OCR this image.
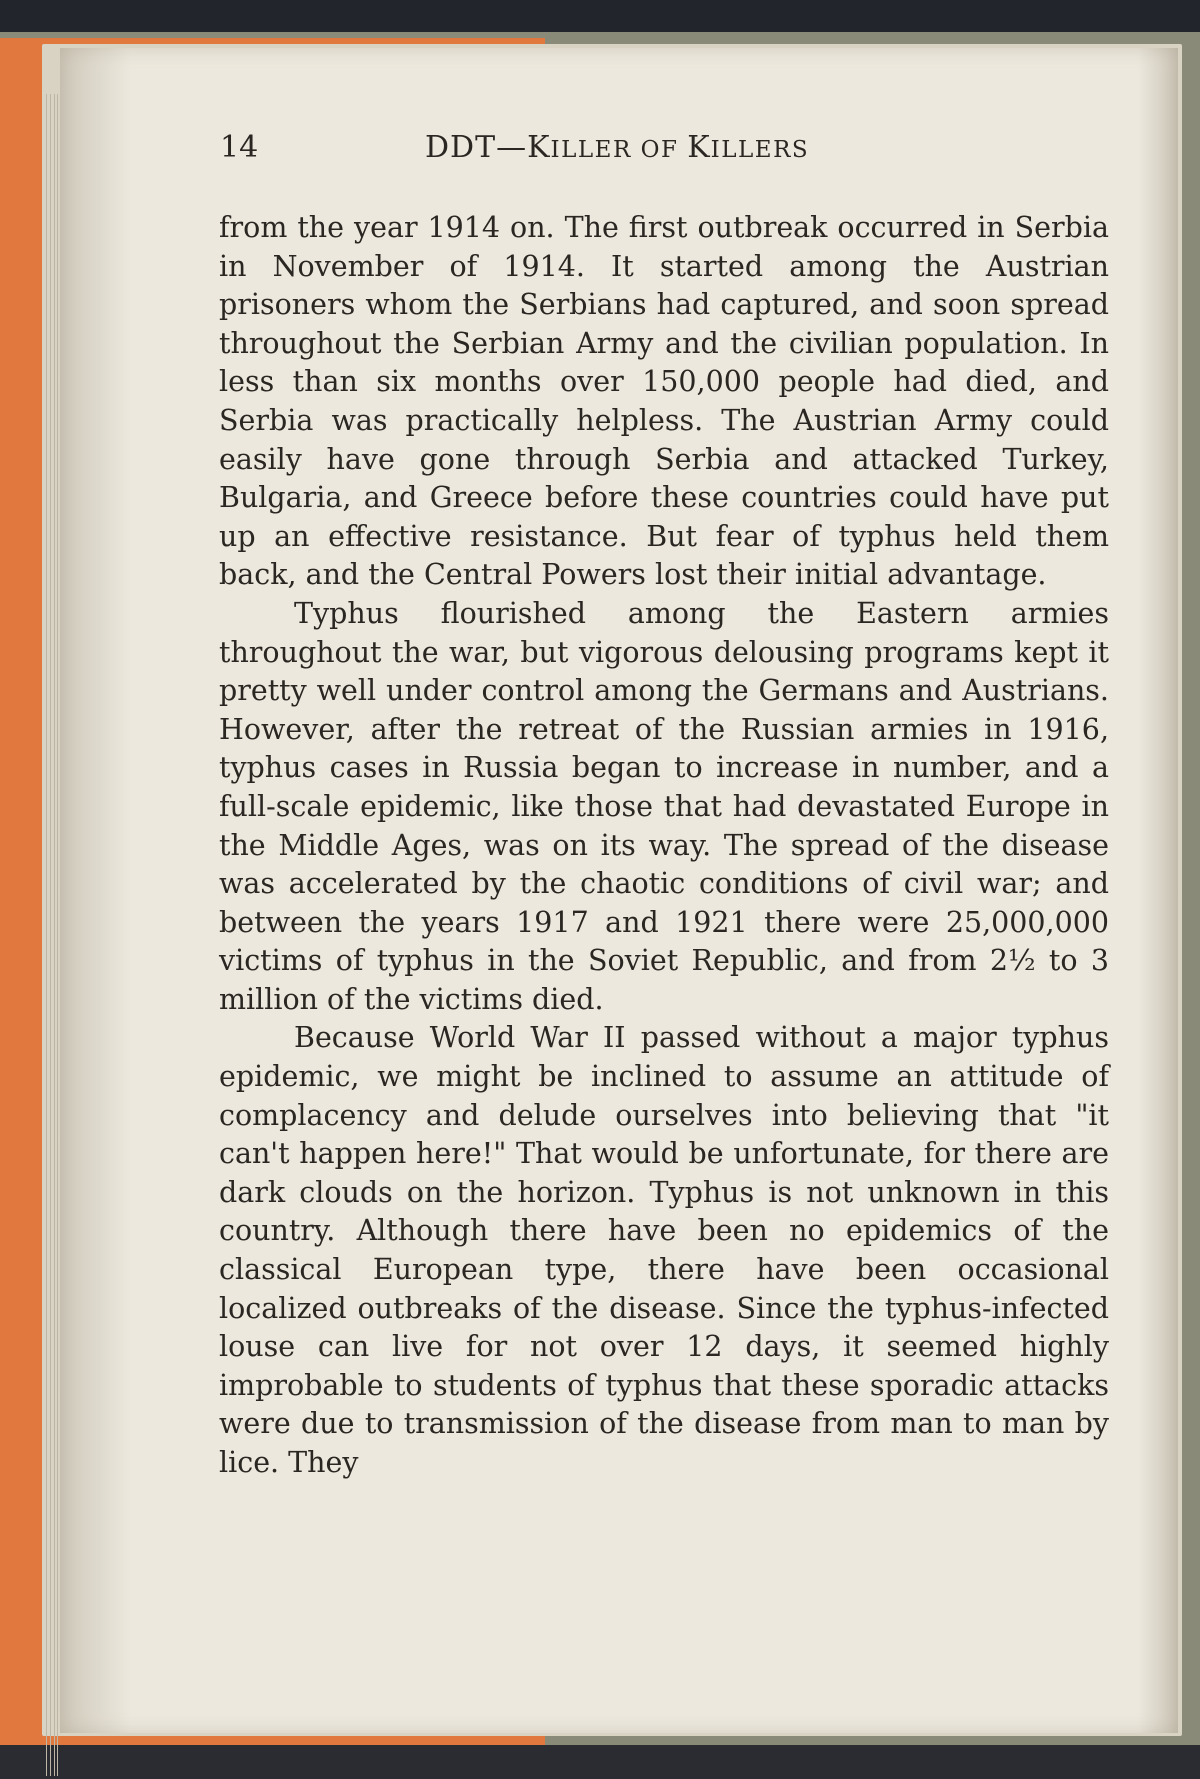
14	DDT—KILLER OF KILLERS

from the year 1914 on. The first outbreak occurred in Serbia in November of 1914. It started among the Austrian prisoners whom the Serbians had captured, and soon spread throughout the Serbian Army and the civilian population. In less than six months over 150,000 people had died, and Serbia was practically helpless. The Austrian Army could easily have gone through Serbia and attacked Turkey, Bulgaria, and Greece before these countries could have put up an effective resistance. But fear of typhus held them back, and the Central Powers lost their initial advantage.

Typhus flourished among the Eastern armies throughout the war, but vigorous delousing programs kept it pretty well under control among the Germans and Austrians. However, after the retreat of the Russian armies in 1916, typhus cases in Russia began to increase in number, and a full-scale epidemic, like those that had devastated Europe in the Middle Ages, was on its way. The spread of the disease was accelerated by the chaotic conditions of civil war; and between the years 1917 and 1921 there were 25,000,000 victims of typhus in the Soviet Republic, and from 2½ to 3 million of the victims died.

Because World War II passed without a major typhus epidemic, we might be inclined to assume an attitude of complacency and delude ourselves into believing that "it can't happen here!" That would be unfortunate, for there are dark clouds on the horizon. Typhus is not unknown in this country. Although there have been no epidemics of the classical European type, there have been occasional localized outbreaks of the disease. Since the typhus-infected louse can live for not over 12 days, it seemed highly improbable to students of typhus that these sporadic attacks were due to transmission of the disease from man to man by lice. They
